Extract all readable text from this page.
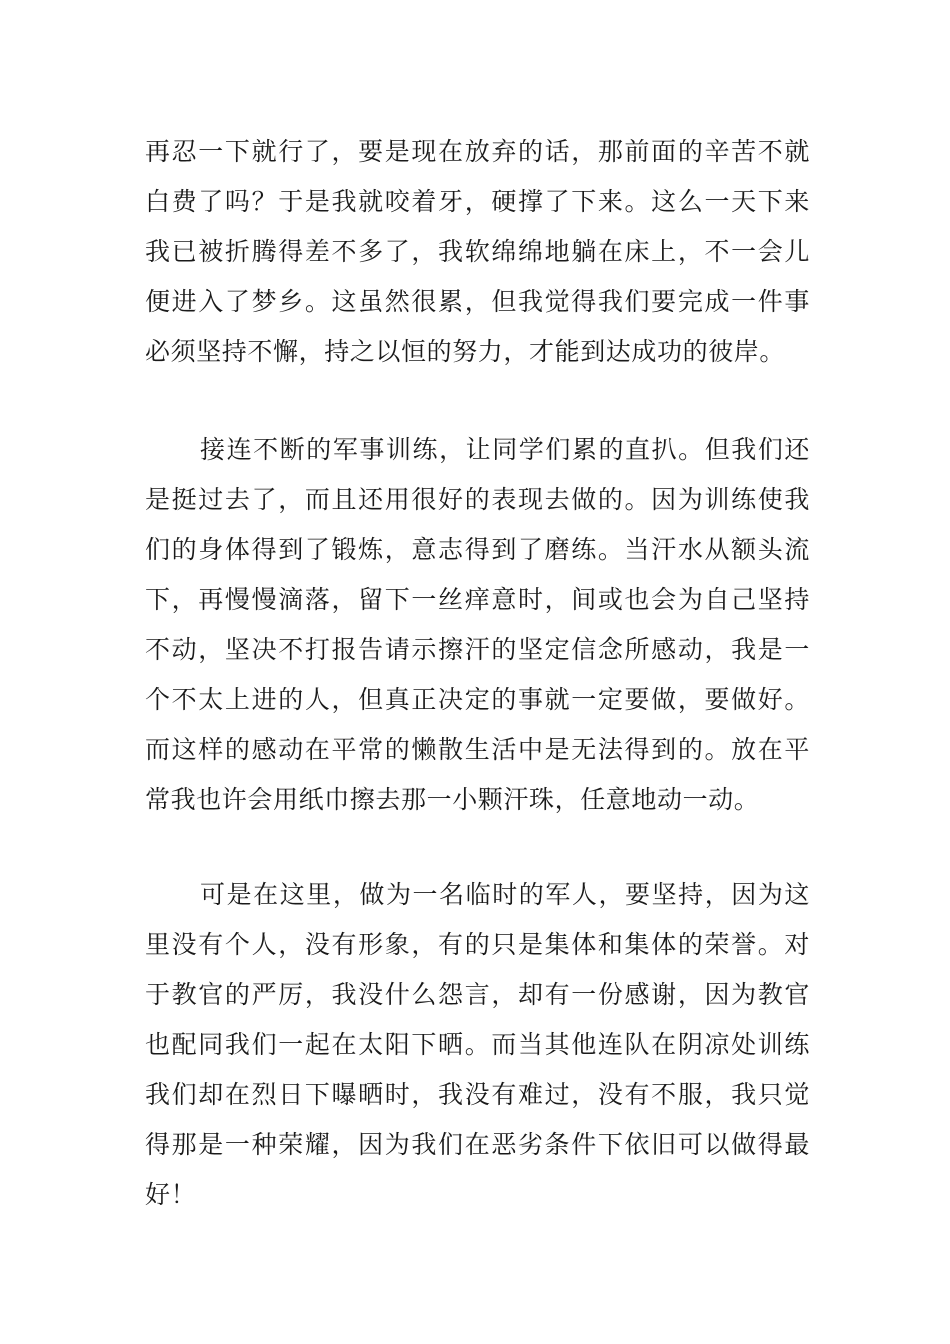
再忍一下就行了，要是现在放弃的话，那前面的辛苦不就白费了吗？于是我就咬着牙，硬撑了下来。这么一天下来我已被折腾得差不多了，我软绵绵地躺在床上，不一会儿便进入了梦乡。这虽然很累，但我觉得我们要完成一件事必须坚持不懈，持之以恒的努力，才能到达成功的彼岸。

接连不断的军事训练，让同学们累的直扒。但我们还是挺过去了，而且还用很好的表现去做的。因为训练使我们的身体得到了锻炼，意志得到了磨练。当汗水从额头流下，再慢慢滴落，留下一丝痒意时，间或也会为自己坚持不动，坚决不打报告请示擦汗的坚定信念所感动，我是一个不太上进的人，但真正决定的事就一定要做，要做好。而这样的感动在平常的懒散生活中是无法得到的。放在平常我也许会用纸巾擦去那一小颗汗珠，任意地动一动。

可是在这里，做为一名临时的军人，要坚持，因为这里没有个人，没有形象，有的只是集体和集体的荣誉。对于教官的严厉，我没什么怨言，却有一份感谢，因为教官也配同我们一起在太阳下晒。而当其他连队在阴凉处训练我们却在烈日下曝晒时，我没有难过，没有不服，我只觉得那是一种荣耀，因为我们在恶劣条件下依旧可以做得最好！
